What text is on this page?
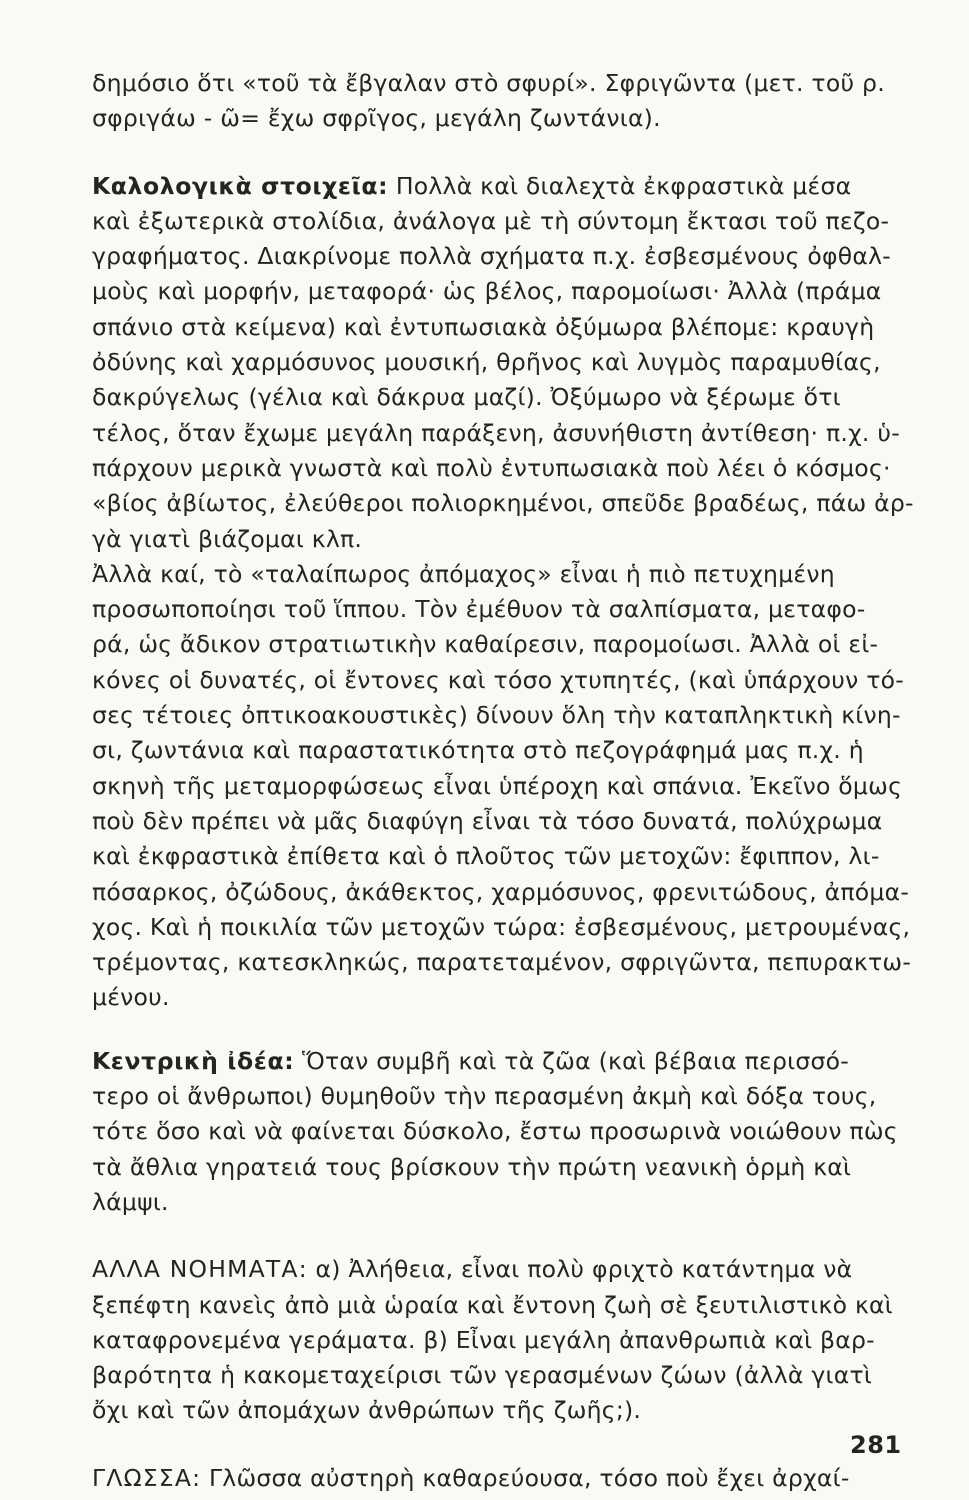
δημόσιο ὅτι «τοῦ τὰ ἔβγαλαν στὸ σφυρί». Σφριγῶντα (μετ. τοῦ ρ.
σφριγάω - ῶ= ἔχω σφρῖγος, μεγάλη ζωντάνια).
Καλολογικὰ στοιχεῖα: Πολλὰ καὶ διαλεχτὰ ἐκφραστικὰ μέσα
καὶ ἐξωτερικὰ στολίδια, ἀνάλογα μὲ τὴ σύντομη ἔκτασι τοῦ πεζο-
γραφήματος. Διακρίνομε πολλὰ σχήματα π.χ. ἐσβεσμένους ὀφθαλ-
μοὺς καὶ μορφήν, μεταφορά· ὡς βέλος, παρομοίωσι· Ἀλλὰ (πράμα
σπάνιο στὰ κείμενα) καὶ ἐντυπωσιακὰ ὀξύμωρα βλέπομε: κραυγὴ
ὀδύνης καὶ χαρμόσυνος μουσική, θρῆνος καὶ λυγμὸς παραμυθίας,
δακρύγελως (γέλια καὶ δάκρυα μαζί). Ὀξύμωρο νὰ ξέρωμε ὅτι
τέλος, ὅταν ἔχωμε μεγάλη παράξενη, ἀσυνήθιστη ἀντίθεση· π.χ. ὑ-
πάρχουν μερικὰ γνωστὰ καὶ πολὺ ἐντυπωσιακὰ ποὺ λέει ὁ κόσμος·
«βίος ἀβίωτος, ἐλεύθεροι πολιορκημένοι, σπεῦδε βραδέως, πάω ἀρ-
γὰ γιατὶ βιάζομαι κλπ.
Ἀλλὰ καί, τὸ «ταλαίπωρος ἀπόμαχος» εἶναι ἡ πιὸ πετυχημένη
προσωποποίησι τοῦ ἵππου. Τὸν ἐμέθυον τὰ σαλπίσματα, μεταφο-
ρά, ὡς ἄδικον στρατιωτικὴν καθαίρεσιν, παρομοίωσι. Ἀλλὰ οἱ εἰ-
κόνες οἱ δυνατές, οἱ ἔντονες καὶ τόσο χτυπητές, (καὶ ὑπάρχουν τό-
σες τέτοιες ὀπτικοακουστικὲς) δίνουν ὅλη τὴν καταπληκτικὴ κίνη-
σι, ζωντάνια καὶ παραστατικότητα στὸ πεζογράφημά μας π.χ. ἡ
σκηνὴ τῆς μεταμορφώσεως εἶναι ὑπέροχη καὶ σπάνια. Ἐκεῖνο ὅμως
ποὺ δὲν πρέπει νὰ μᾶς διαφύγη εἶναι τὰ τόσο δυνατά, πολύχρωμα
καὶ ἐκφραστικὰ ἐπίθετα καὶ ὁ πλοῦτος τῶν μετοχῶν: ἔφιππον, λι-
πόσαρκος, ὀζώδους, ἀκάθεκτος, χαρμόσυνος, φρενιτώδους, ἀπόμα-
χος. Καὶ ἡ ποικιλία τῶν μετοχῶν τώρα: ἐσβεσμένους, μετρουμένας,
τρέμοντας, κατεσκληκώς, παρατεταμένον, σφριγῶντα, πεπυρακτω-
μένου.
Κεντρικὴ ἰδέα: Ὅταν συμβῆ καὶ τὰ ζῶα (καὶ βέβαια περισσό-
τερο οἱ ἄνθρωποι) θυμηθοῦν τὴν περασμένη ἀκμὴ καὶ δόξα τους,
τότε ὅσο καὶ νὰ φαίνεται δύσκολο, ἔστω προσωρινὰ νοιώθουν πὼς
τὰ ἄθλια γηρατειά τους βρίσκουν τὴν πρώτη νεανικὴ ὁρμὴ καὶ
λάμψι.
ΑΛΛΑ ΝΟΗΜΑΤΑ: α) Ἀλήθεια, εἶναι πολὺ φριχτὸ κατάντημα νὰ
ξεπέφτη κανεὶς ἀπὸ μιὰ ὡραία καὶ ἔντονη ζωὴ σὲ ξευτιλιστικὸ καὶ
καταφρονεμένα γεράματα. β) Εἶναι μεγάλη ἀπανθρωπιὰ καὶ βαρ-
βαρότητα ἡ κακομεταχείρισι τῶν γερασμένων ζώων (ἀλλὰ γιατὶ
ὄχι καὶ τῶν ἀπομάχων ἀνθρώπων τῆς ζωῆς;).
ΓΛΩΣΣΑ: Γλῶσσα αὐστηρὴ καθαρεύουσα, τόσο ποὺ ἔχει ἀρχαί-
281
